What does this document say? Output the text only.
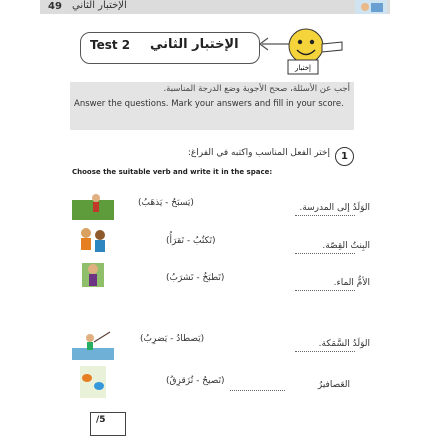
49 الإختبار الثاني
Test 2 الإختبار الثاني
إختبار
أجب عن الأسئلة، صحح الأجوبة وضع الدرجة المناسبة.
Answer the questions. Mark your answers and fill in your score.
1
إختر الفعل المناسب واكتبه في الفراغ:
Choose the suitable verb and write it in the space:
(يَسبَحُ - يَذهَبُ)	الوَلَدُ إلى المدرسة.
(تَكتُبُ - تَقرَأُ)	البِنتُ القِصّة.
(تَطبَخُ - تَشرَبُ)	الأمُّ الماء.
(يَصطادُ - يَضرِبُ)	الوَلَدُ السَّمَكة.
(تَصيحُ - تُزَقزِقُ)	العَصافيرُ
/5
